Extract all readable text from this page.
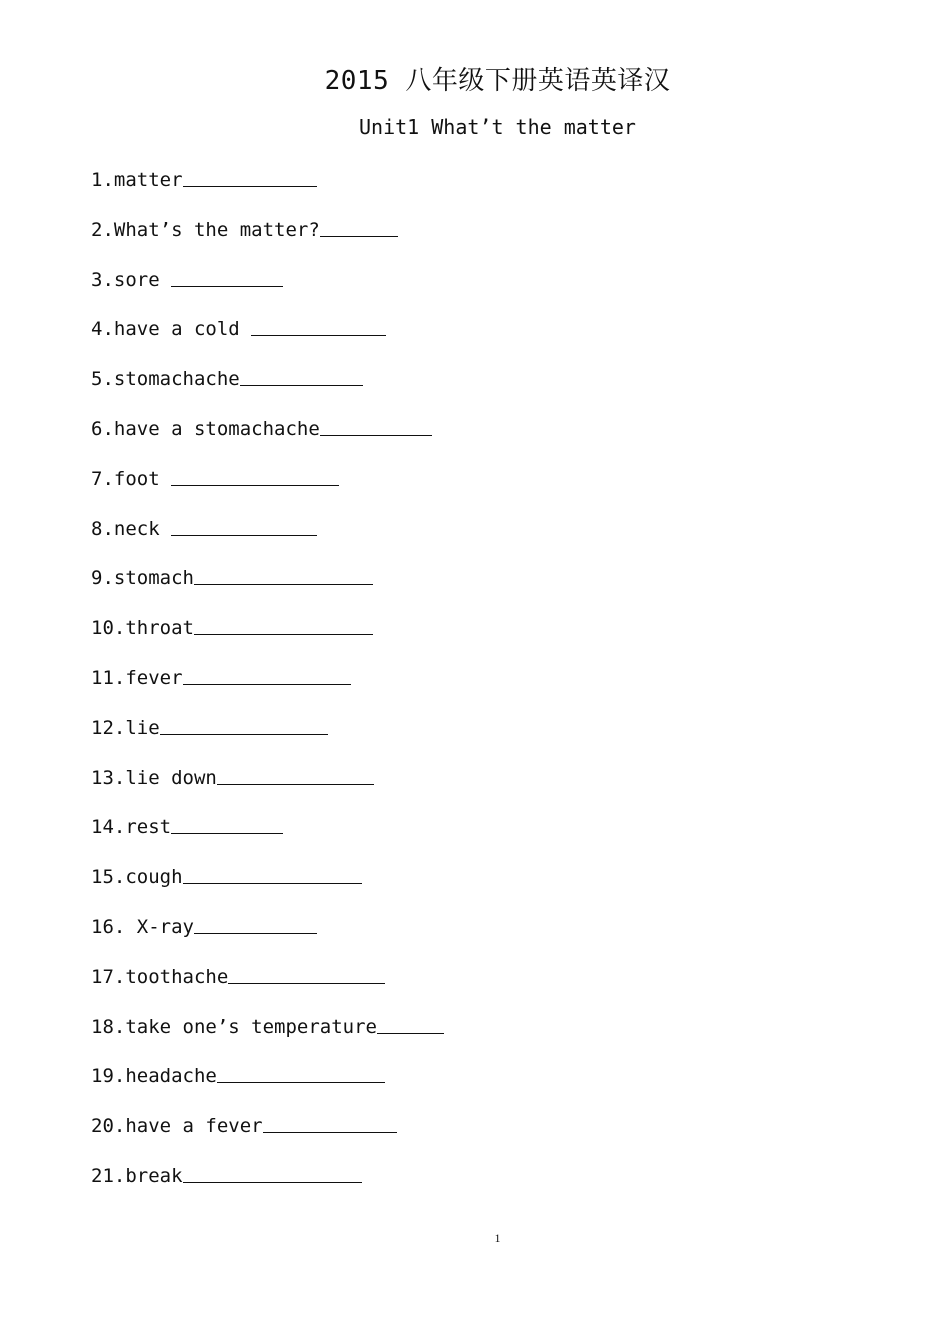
2015 八年级下册英语英译汉
Unit1 What’t the matter
1.matter
2.What’s the matter?
3.sore
4.have a cold
5.stomachache
6.have a stomachache
7.foot
8.neck
9.stomach
10.throat
11.fever
12.lie
13.lie down
14.rest
15.cough
16. X-ray
17.toothache
18.take one’s temperature
19.headache
20.have a fever
21.break
1
